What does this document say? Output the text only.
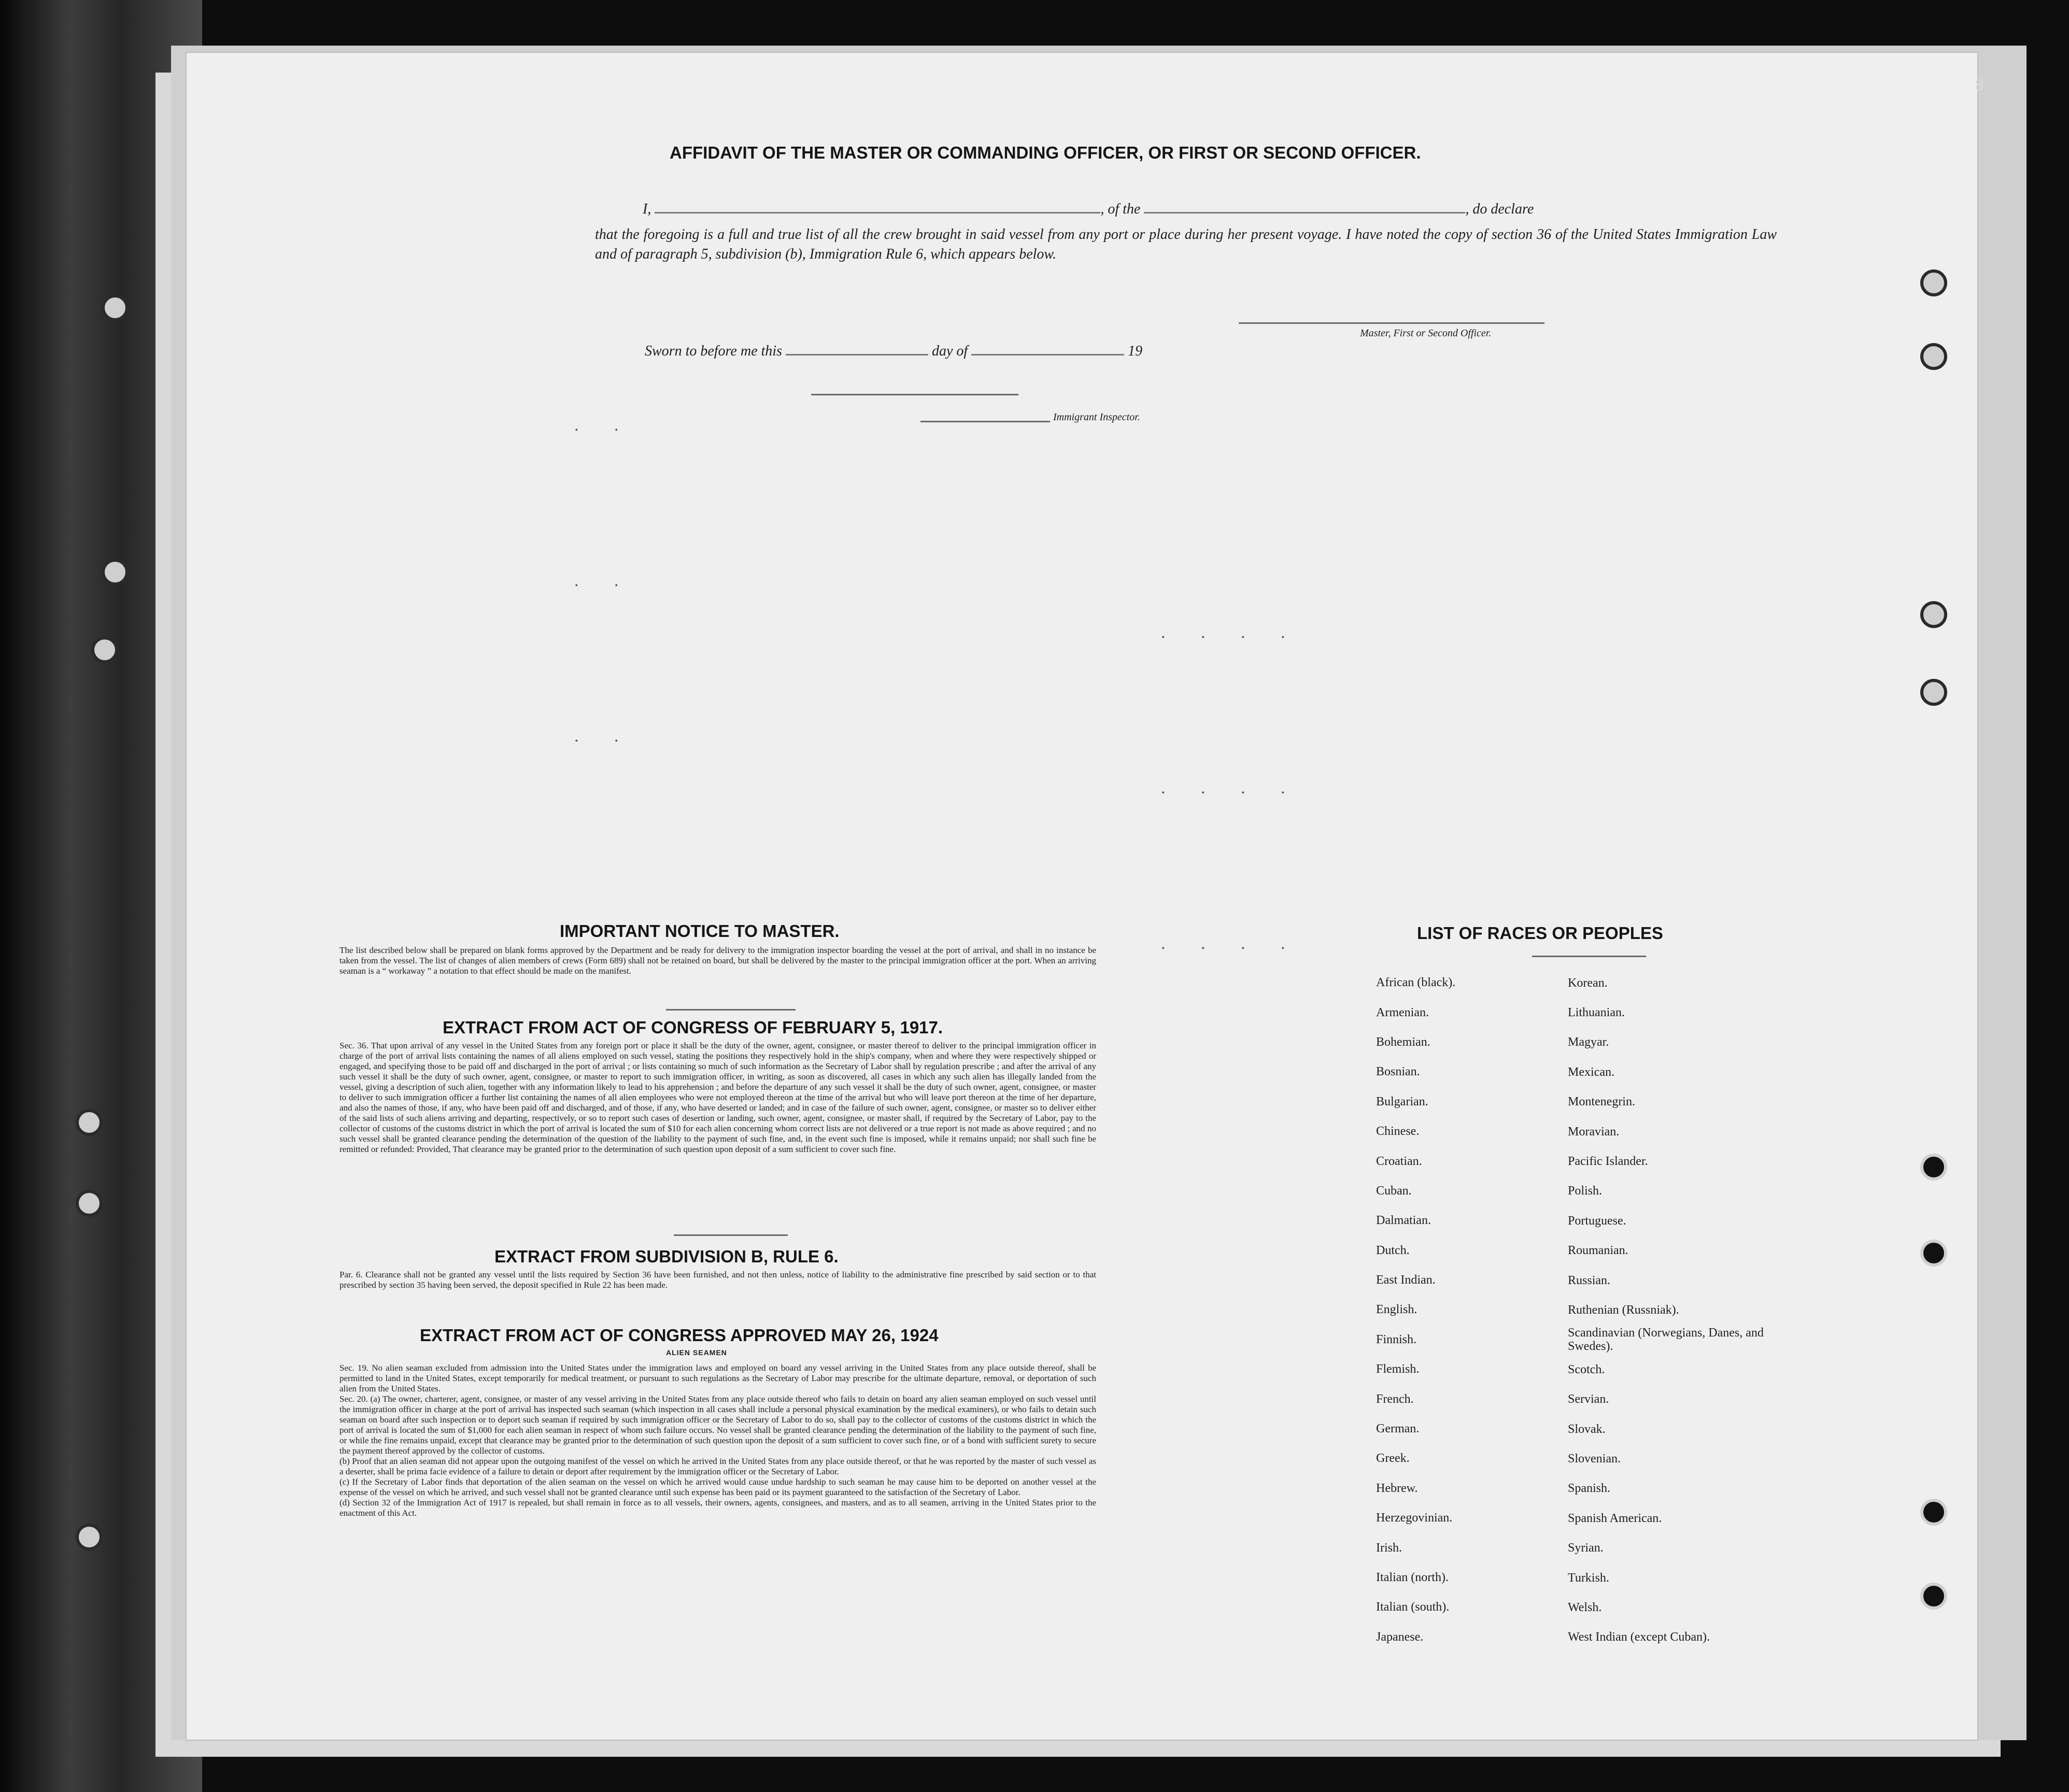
8
AFFIDAVIT OF THE MASTER OR COMMANDING OFFICER, OR FIRST OR SECOND OFFICER.
I,	, of the	, do declare
that the foregoing is a full and true list of all the crew brought in said vessel from any port or place during her present voyage. I have noted the copy of section 36 of the United States Immigration Law and of paragraph 5, subdivision (b), Immigration Rule 6, which appears below.
Master, First or Second Officer.
Sworn to before me this	day of	19
Immigrant Inspector.
. .
. .
. .
. . . .
. . . .
. . . .
IMPORTANT NOTICE TO MASTER.
The list described below shall be prepared on blank forms approved by the Department and be ready for delivery to the immigration inspector boarding the vessel at the port of arrival, and shall in no instance be taken from the vessel. The list of changes of alien members of crews (Form 689) shall not be retained on board, but shall be delivered by the master to the principal immigration officer at the port. When an arriving seaman is a “ workaway ” a notation to that effect should be made on the manifest.
EXTRACT FROM ACT OF CONGRESS OF FEBRUARY 5, 1917.
Sec. 36. That upon arrival of any vessel in the United States from any foreign port or place it shall be the duty of the owner, agent, consignee, or master thereof to deliver to the principal immigration officer in charge of the port of arrival lists containing the names of all aliens employed on such vessel, stating the positions they respectively hold in the ship's company, when and where they were respectively shipped or engaged, and specifying those to be paid off and discharged in the port of arrival ; or lists containing so much of such information as the Secretary of Labor shall by regulation prescribe ; and after the arrival of any such vessel it shall be the duty of such owner, agent, consignee, or master to report to such immigration officer, in writing, as soon as discovered, all cases in which any such alien has illegally landed from the vessel, giving a description of such alien, together with any information likely to lead to his apprehension ; and before the departure of any such vessel it shall be the duty of such owner, agent, consignee, or master to deliver to such immigration officer a further list containing the names of all alien employees who were not employed thereon at the time of the arrival but who will leave port thereon at the time of her departure, and also the names of those, if any, who have been paid off and discharged, and of those, if any, who have deserted or landed; and in case of the failure of such owner, agent, consignee, or master so to deliver either of the said lists of such aliens arriving and departing, respectively, or so to report such cases of desertion or landing, such owner, agent, consignee, or master shall, if required by the Secretary of Labor, pay to the collector of customs of the customs district in which the port of arrival is located the sum of $10 for each alien concerning whom correct lists are not delivered or a true report is not made as above required ; and no such vessel shall be granted clearance pending the determination of the question of the liability to the payment of such fine, and, in the event such fine is imposed, while it remains unpaid; nor shall such fine be remitted or refunded: Provided, That clearance may be granted prior to the determination of such question upon deposit of a sum sufficient to cover such fine.
EXTRACT FROM SUBDIVISION B, RULE 6.
Par. 6. Clearance shall not be granted any vessel until the lists required by Section 36 have been furnished, and not then unless, notice of liability to the administrative fine prescribed by said section or to that prescribed by section 35 having been served, the deposit specified in Rule 22 has been made.
EXTRACT FROM ACT OF CONGRESS APPROVED MAY 26, 1924
ALIEN SEAMEN
Sec. 19. No alien seaman excluded from admission into the United States under the immigration laws and employed on board any vessel arriving in the United States from any place outside thereof, shall be permitted to land in the United States, except temporarily for medical treatment, or pursuant to such regulations as the Secretary of Labor may prescribe for the ultimate departure, removal, or deportation of such alien from the United States.
Sec. 20. (a) The owner, charterer, agent, consignee, or master of any vessel arriving in the United States from any place outside thereof who fails to detain on board any alien seaman employed on such vessel until the immigration officer in charge at the port of arrival has inspected such seaman (which inspection in all cases shall include a personal physical examination by the medical examiners), or who fails to detain such seaman on board after such inspection or to deport such seaman if required by such immigration officer or the Secretary of Labor to do so, shall pay to the collector of customs of the customs district in which the port of arrival is located the sum of $1,000 for each alien seaman in respect of whom such failure occurs. No vessel shall be granted clearance pending the determination of the liability to the payment of such fine, or while the fine remains unpaid, except that clearance may be granted prior to the determination of such question upon the deposit of a sum sufficient to cover such fine, or of a bond with sufficient surety to secure the payment thereof approved by the collector of customs.
(b) Proof that an alien seaman did not appear upon the outgoing manifest of the vessel on which he arrived in the United States from any place outside thereof, or that he was reported by the master of such vessel as a deserter, shall be prima facie evidence of a failure to detain or deport after requirement by the immigration officer or the Secretary of Labor.
(c) If the Secretary of Labor finds that deportation of the alien seaman on the vessel on which he arrived would cause undue hardship to such seaman he may cause him to be deported on another vessel at the expense of the vessel on which he arrived, and such vessel shall not be granted clearance until such expense has been paid or its payment guaranteed to the satisfaction of the Secretary of Labor.
(d) Section 32 of the Immigration Act of 1917 is repealed, but shall remain in force as to all vessels, their owners, agents, consignees, and masters, and as to all seamen, arriving in the United States prior to the enactment of this Act.
LIST OF RACES OR PEOPLES
African (black).	Korean.
Armenian.	Lithuanian.
Bohemian.	Magyar.
Bosnian.	Mexican.
Bulgarian.	Montenegrin.
Chinese.	Moravian.
Croatian.	Pacific Islander.
Cuban.	Polish.
Dalmatian.	Portuguese.
Dutch.	Roumanian.
East Indian.	Russian.
English.	Ruthenian (Russniak).
Finnish.	Scandinavian (Norwegians, Danes, and Swedes).
Flemish.	Scotch.
French.	Servian.
German.	Slovak.
Greek.	Slovenian.
Hebrew.	Spanish.
Herzegovinian.	Spanish American.
Irish.	Syrian.
Italian (north).	Turkish.
Italian (south).	Welsh.
Japanese.	West Indian (except Cuban).
